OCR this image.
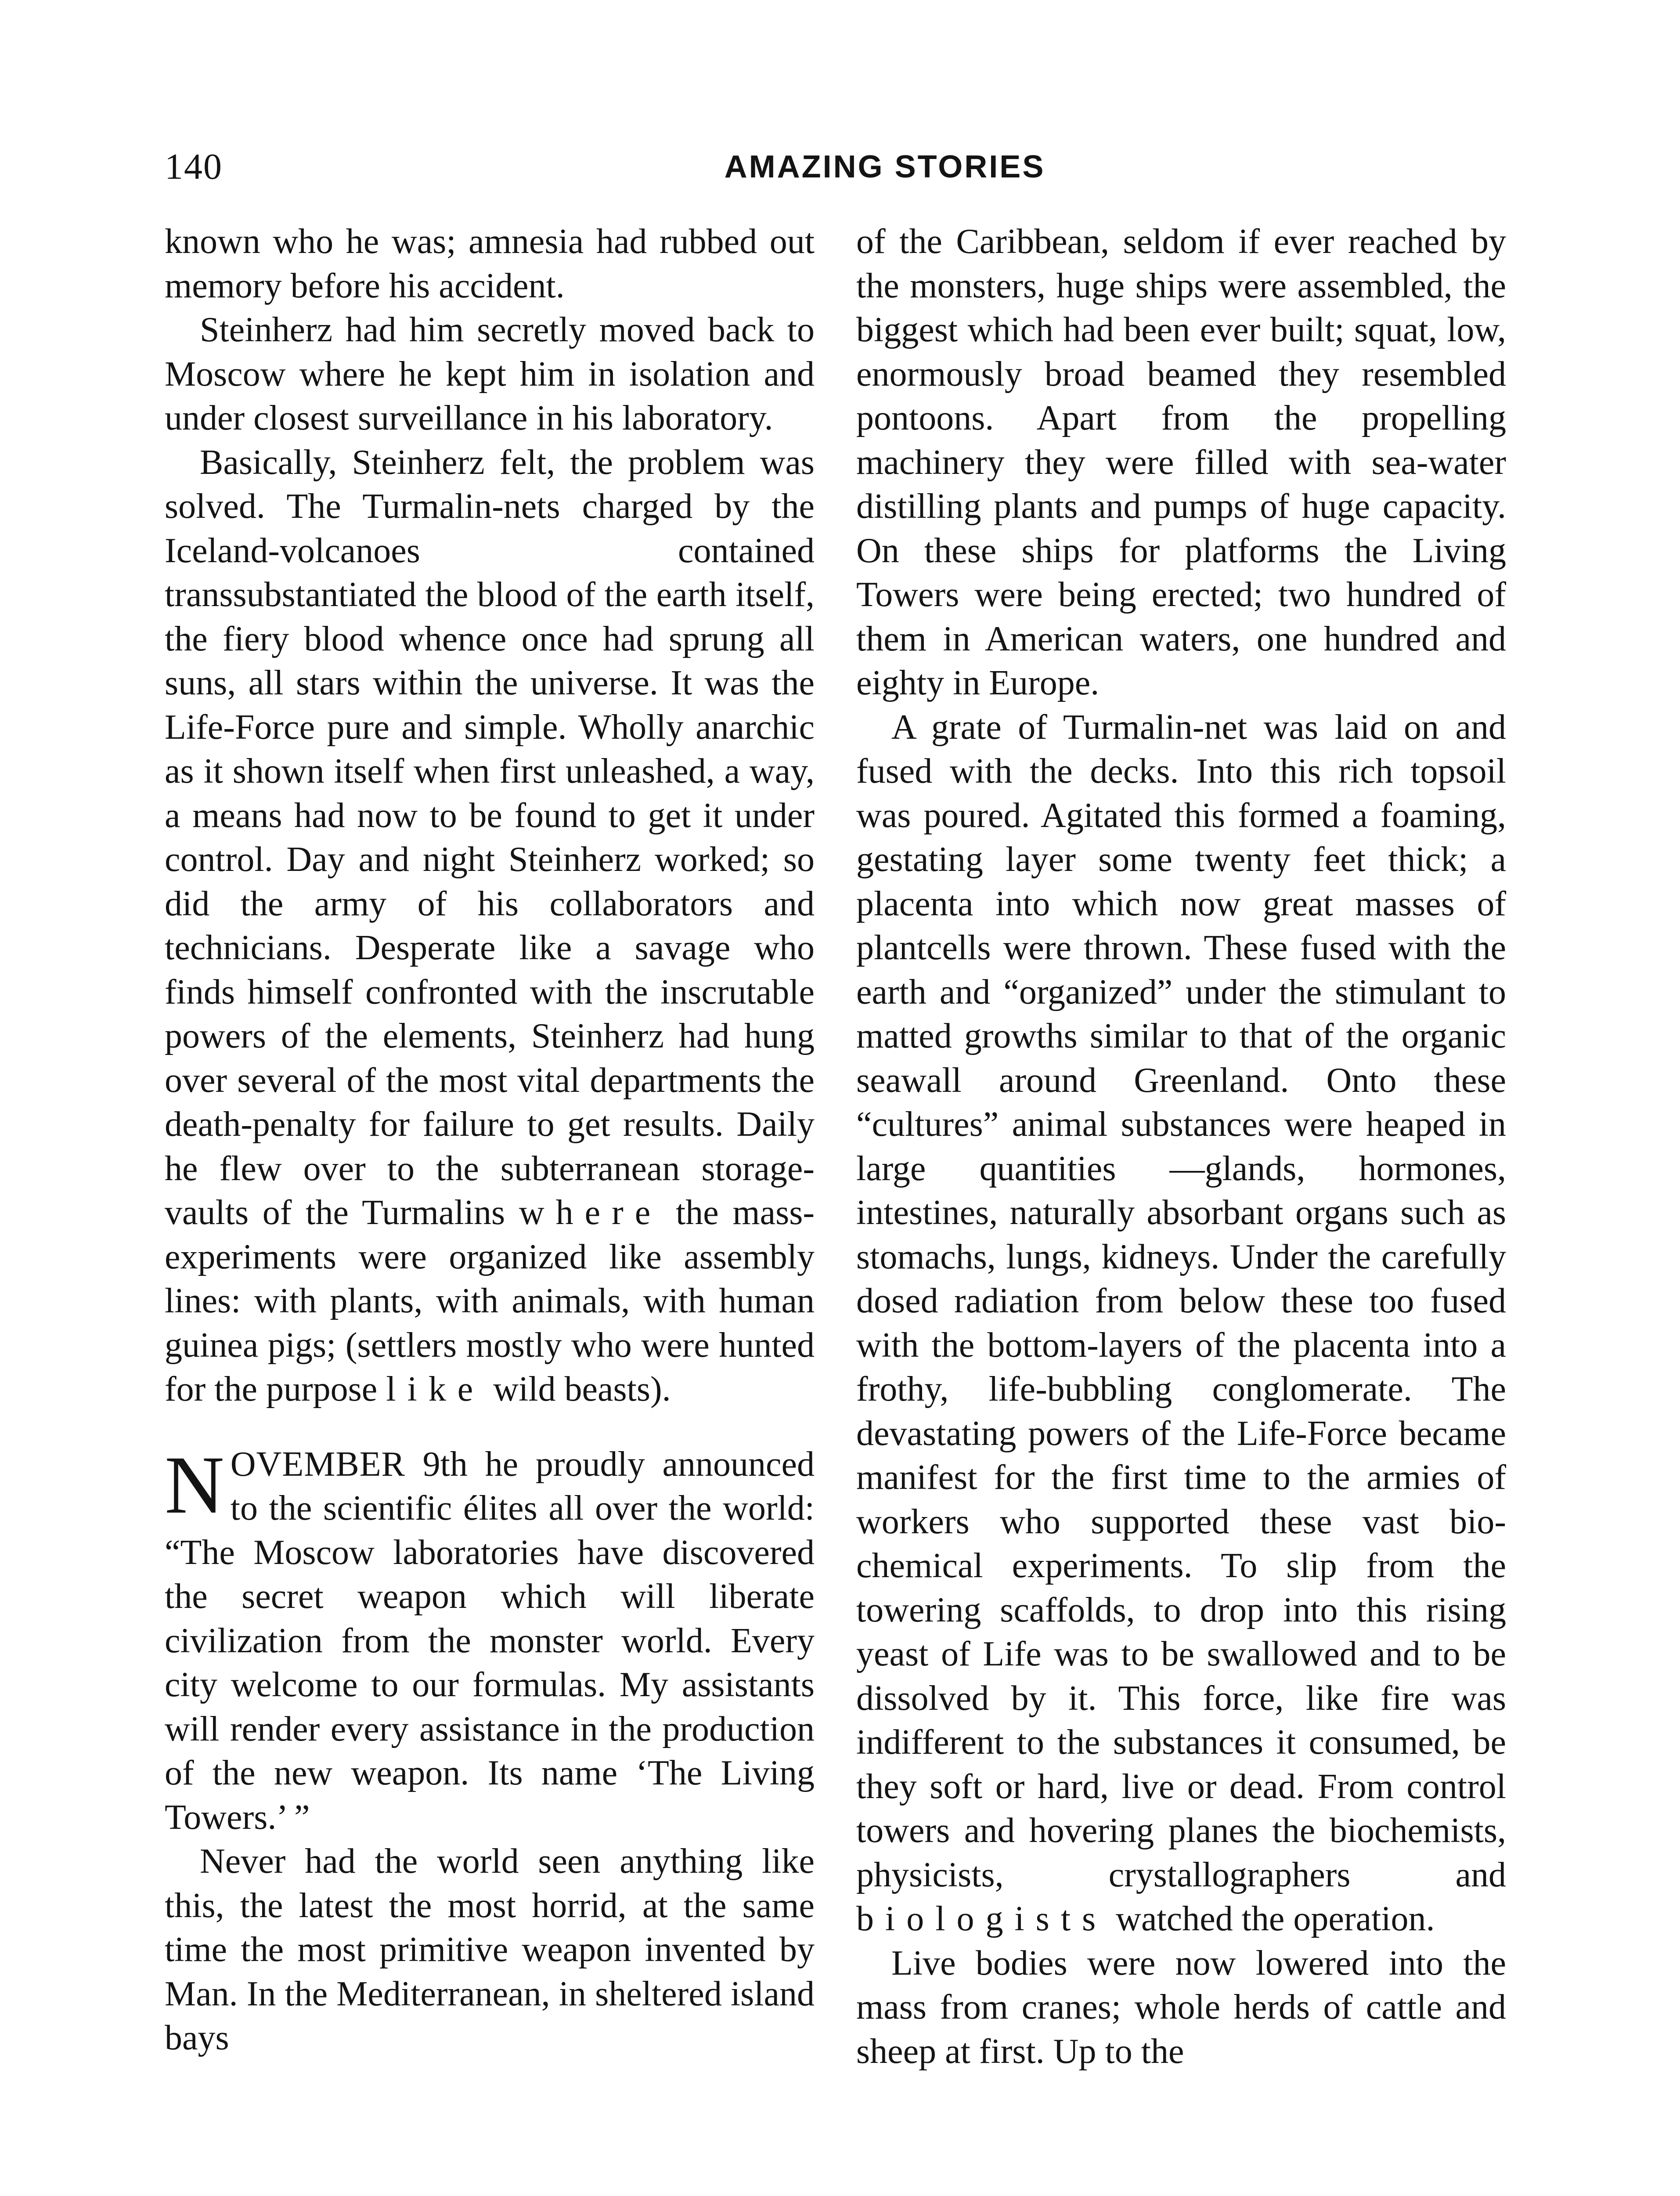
140	AMAZING STORIES

known who he was; amnesia had rubbed out memory before his accident.

Steinherz had him secretly moved back to Moscow where he kept him in isolation and under closest surveillance in his laboratory.

Basically, Steinherz felt, the problem was solved. The Turmalin-nets charged by the Iceland-volcanoes contained transsubstantiated the blood of the earth itself, the fiery blood whence once had sprung all suns, all stars within the universe. It was the Life-Force pure and simple. Wholly anarchic as it shown itself when first unleashed, a way, a means had now to be found to get it under control. Day and night Steinherz worked; so did the army of his collaborators and technicians. Desperate like a savage who finds himself confronted with the inscrutable powers of the elements, Steinherz had hung over several of the most vital departments the death-penalty for failure to get results. Daily he flew over to the subterranean storage-vaults of the Turmalins where the mass-experiments were organized like assembly lines: with plants, with animals, with human guinea pigs; (settlers mostly who were hunted for the purpose like wild beasts).

NOVEMBER 9th he proudly announced to the scientific élites all over the world: “The Moscow laboratories have discovered the secret weapon which will liberate civilization from the monster world. Every city welcome to our formulas. My assistants will render every assistance in the production of the new weapon. Its name ‘The Living Towers.’ ”

Never had the world seen anything like this, the latest the most horrid, at the same time the most primitive weapon invented by Man. In the Mediterranean, in sheltered island bays

of the Caribbean, seldom if ever reached by the monsters, huge ships were assembled, the biggest which had been ever built; squat, low, enormously broad beamed they resembled pontoons. Apart from the propelling machinery they were filled with sea-water distilling plants and pumps of huge capacity. On these ships for platforms the Living Towers were being erected; two hundred of them in American waters, one hundred and eighty in Europe.

A grate of Turmalin-net was laid on and fused with the decks. Into this rich topsoil was poured. Agitated this formed a foaming, gestating layer some twenty feet thick; a placenta into which now great masses of plantcells were thrown. These fused with the earth and “organized” under the stimulant to matted growths similar to that of the organic seawall around Greenland. Onto these “cultures” animal substances were heaped in large quantities —glands, hormones, intestines, naturally absorbant organs such as stomachs, lungs, kidneys. Under the carefully dosed radiation from below these too fused with the bottom-layers of the placenta into a frothy, life-bubbling conglomerate. The devastating powers of the Life-Force became manifest for the first time to the armies of workers who supported these vast bio-chemical experiments. To slip from the towering scaffolds, to drop into this rising yeast of Life was to be swallowed and to be dissolved by it. This force, like fire was indifferent to the substances it consumed, be they soft or hard, live or dead. From control towers and hovering planes the biochemists, physicists, crystallographers and biologists watched the operation.

Live bodies were now lowered into the mass from cranes; whole herds of cattle and sheep at first. Up to the
